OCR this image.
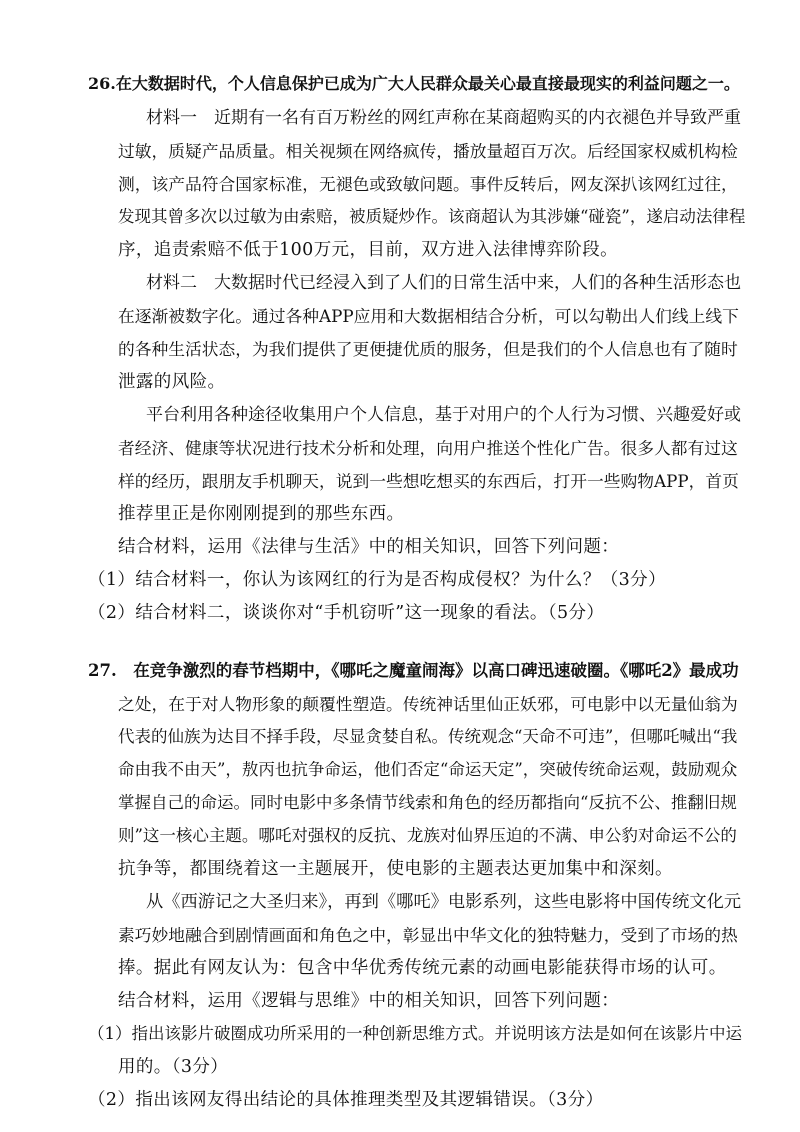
26.在大数据时代，个人信息保护已成为广大人民群众最关心最直接最现实的利益问题之一。
材料一　近期有一名有百万粉丝的网红声称在某商超购买的内衣褪色并导致严重
过敏，质疑产品质量。相关视频在网络疯传，播放量超百万次。后经国家权威机构检
测，该产品符合国家标准，无褪色或致敏问题。事件反转后，网友深扒该网红过往，
发现其曾多次以过敏为由索赔，被质疑炒作。该商超认为其涉嫌“碰瓷”，遂启动法律程
序，追责索赔不低于100万元，目前，双方进入法律博弈阶段。
材料二　大数据时代已经浸入到了人们的日常生活中来，人们的各种生活形态也
在逐渐被数字化。通过各种APP应用和大数据相结合分析，可以勾勒出人们线上线下
的各种生活状态，为我们提供了更便捷优质的服务，但是我们的个人信息也有了随时
泄露的风险。
平台利用各种途径收集用户个人信息，基于对用户的个人行为习惯、兴趣爱好或
者经济、健康等状况进行技术分析和处理，向用户推送个性化广告。很多人都有过这
样的经历，跟朋友手机聊天，说到一些想吃想买的东西后，打开一些购物APP，首页
推荐里正是你刚刚提到的那些东西。
结合材料，运用《法律与生活》中的相关知识，回答下列问题：
（1）结合材料一，你认为该网红的行为是否构成侵权？为什么？（3分）
（2）结合材料二，谈谈你对“手机窃听”这一现象的看法。（5分）
27.　在竞争激烈的春节档期中，《哪吒之魔童闹海》以高口碑迅速破圈。《哪吒2》最成功
之处，在于对人物形象的颠覆性塑造。传统神话里仙正妖邪，可电影中以无量仙翁为
代表的仙族为达目不择手段，尽显贪婪自私。传统观念“天命不可违”，但哪吒喊出“我
命由我不由天”，敖丙也抗争命运，他们否定“命运天定”，突破传统命运观，鼓励观众
掌握自己的命运。同时电影中多条情节线索和角色的经历都指向“反抗不公、推翻旧规
则”这一核心主题。哪吒对强权的反抗、龙族对仙界压迫的不满、申公豹对命运不公的
抗争等，都围绕着这一主题展开，使电影的主题表达更加集中和深刻。
从《西游记之大圣归来》，再到《哪吒》电影系列，这些电影将中国传统文化元
素巧妙地融合到剧情画面和角色之中，彰显出中华文化的独特魅力，受到了市场的热
捧。据此有网友认为：包含中华优秀传统元素的动画电影能获得市场的认可。
结合材料，运用《逻辑与思维》中的相关知识，回答下列问题：
（1）指出该影片破圈成功所采用的一种创新思维方式。并说明该方法是如何在该影片中运
用的。（3分）
（2）指出该网友得出结论的具体推理类型及其逻辑错误。（3分）
